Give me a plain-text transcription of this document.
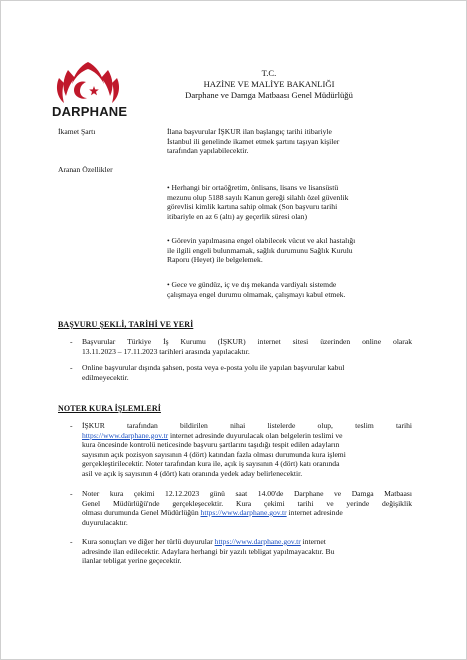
DARPHANE
T.C.
HAZİNE VE MALİYE BAKANLIĞI
Darphane ve Damga Matbaası Genel Müdürlüğü
İkamet Şartı	İlana başvurular İŞKUR ilan başlangıç tarihi itibariyle
İstanbul ili genelinde ikamet etmek şartını taşıyan kişiler
tarafından yapılabilecektir.
Aranan Özellikler
• Herhangi bir ortaöğretim, önlisans, lisans ve lisansüstü
mezunu olup 5188 sayılı Kanun gereği silahlı özel güvenlik
görevlisi kimlik kartına sahip olmak (Son başvuru tarihi
itibariyle en az 6 (altı) ay geçerlik süresi olan)
• Görevin yapılmasına engel olabilecek vücut ve akıl hastalığı
ile ilgili engeli bulunmamak, sağlık durumunu Sağlık Kurulu
Raporu (Heyet) ile belgelemek.
• Gece ve gündüz, iç ve dış mekanda vardiyalı sistemde
çalışmaya engel durumu olmamak, çalışmayı kabul etmek.
BAŞVURU ŞEKLİ, TARİHİ VE YERİ
- Başvurular Türkiye İş Kurumu (İŞKUR) internet sitesi üzerinden online olarak
13.11.2023 – 17.11.2023 tarihleri arasında yapılacaktır.
- Online başvurular dışında şahsen, posta veya e-posta yolu ile yapılan başvurular kabul
edilmeyecektir.
NOTER KURA İŞLEMLERİ
- İŞKUR tarafından bildirilen nihai listelerde olup, teslim tarihi
https://www.darphane.gov.tr internet adresinde duyurulacak olan belgelerin teslimi ve
kura öncesinde kontrolü neticesinde başvuru şartlarını taşıdığı tespit edilen adayların
sayısının açık pozisyon sayısının 4 (dört) katından fazla olması durumunda kura işlemi
gerçekleştirilecektir. Noter tarafından kura ile, açık iş sayısının 4 (dört) katı oranında
asil ve açık iş sayısının 4 (dört) katı oranında yedek aday belirlenecektir.
- Noter kura çekimi 12.12.2023 günü saat 14.00'de Darphane ve Damga Matbaası
Genel Müdürlüğü'nde gerçekleşecektir. Kura çekimi tarihi ve yerinde değişiklik
olması durumunda Genel Müdürlüğün https://www.darphane.gov.tr internet adresinde
duyurulacaktır.
- Kura sonuçları ve diğer her türlü duyurular https://www.darphane.gov.tr internet
adresinde ilan edilecektir. Adaylara herhangi bir yazılı tebligat yapılmayacaktır. Bu
ilanlar tebligat yerine geçecektir.
